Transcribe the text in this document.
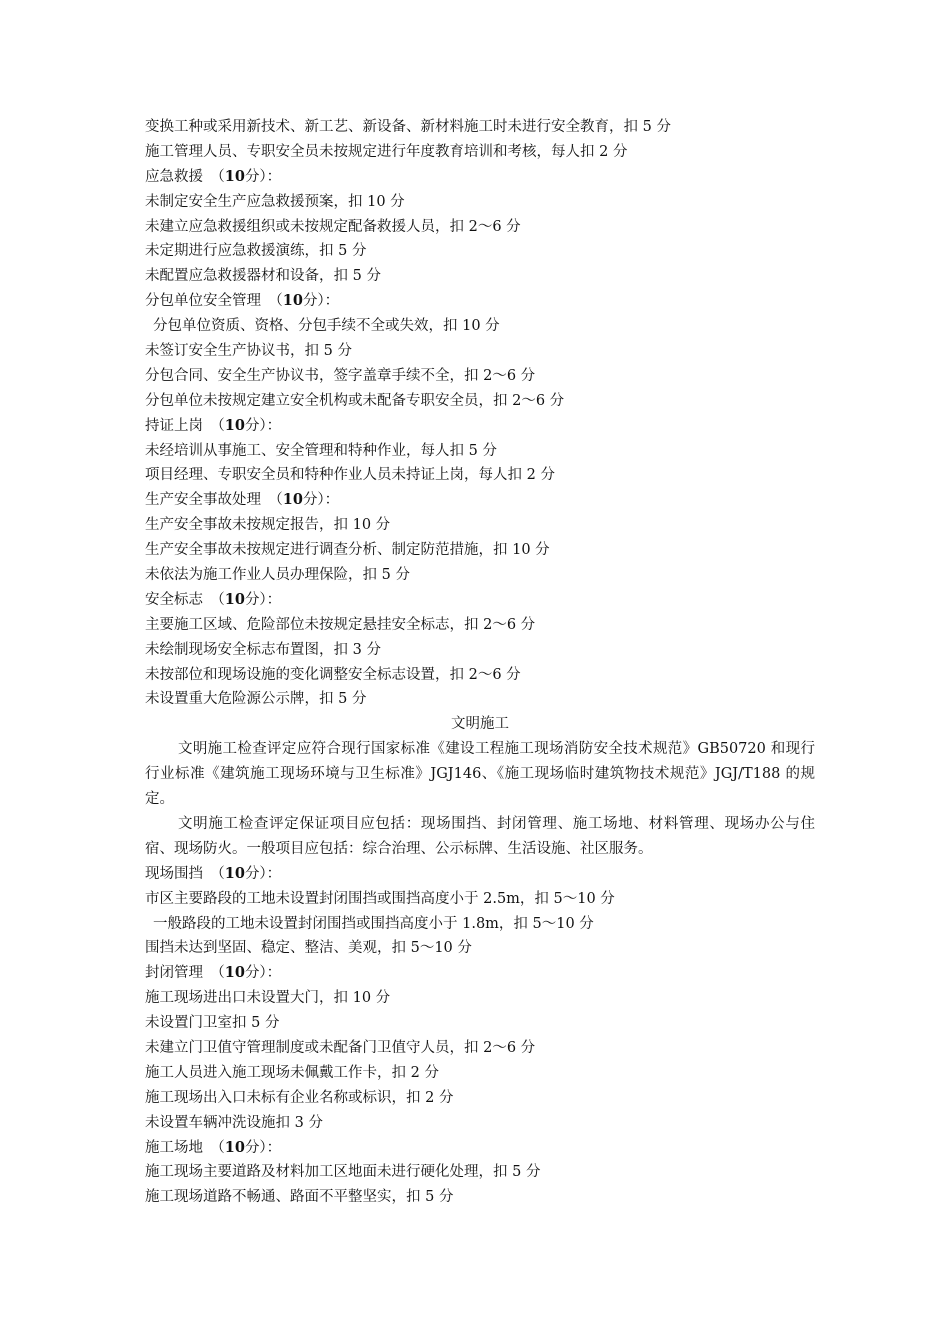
变换工种或采用新技术、新工艺、新设备、新材料施工时未进行安全教育，扣 5 分
施工管理人员、专职安全员未按规定进行年度教育培训和考核，每人扣 2 分
应急救援　（10分）：
未制定安全生产应急救援预案，扣 10 分
未建立应急救援组织或未按规定配备救援人员，扣 2～6 分
未定期进行应急救援演练，扣 5 分
未配置应急救援器材和设备，扣 5 分
分包单位安全管理　（10分）：
分包单位资质、资格、分包手续不全或失效，扣 10 分
未签订安全生产协议书，扣 5 分
分包合同、安全生产协议书，签字盖章手续不全，扣 2～6 分
分包单位未按规定建立安全机构或未配备专职安全员，扣 2～6 分
持证上岗　（10分）：
未经培训从事施工、安全管理和特种作业，每人扣 5 分
项目经理、专职安全员和特种作业人员未持证上岗，每人扣 2 分
生产安全事故处理　（10分）：
生产安全事故未按规定报告，扣 10 分
生产安全事故未按规定进行调查分析、制定防范措施，扣 10 分
未依法为施工作业人员办理保险，扣 5 分
安全标志　（10分）：
主要施工区域、危险部位未按规定悬挂安全标志，扣 2～6 分
未绘制现场安全标志布置图，扣 3 分
未按部位和现场设施的变化调整安全标志设置，扣 2～6 分
未设置重大危险源公示牌，扣 5 分
文明施工
文明施工检查评定应符合现行国家标准《建设工程施工现场消防安全技术规范》GB50720 和现行行业标准《建筑施工现场环境与卫生标准》JGJ146、《施工现场临时建筑物技术规范》JGJ/T188 的规定。
文明施工检查评定保证项目应包括：现场围挡、封闭管理、施工场地、材料管理、现场办公与住宿、现场防火。一般项目应包括：综合治理、公示标牌、生活设施、社区服务。
现场围挡　（10分）：
市区主要路段的工地未设置封闭围挡或围挡高度小于 2.5m，扣 5～10 分
一般路段的工地未设置封闭围挡或围挡高度小于 1.8m，扣 5～10 分
围挡未达到坚固、稳定、整洁、美观，扣 5～10 分
封闭管理　（10分）：
施工现场进出口未设置大门，扣 10 分
未设置门卫室扣 5 分
未建立门卫值守管理制度或未配备门卫值守人员，扣 2～6 分
施工人员进入施工现场未佩戴工作卡，扣 2 分
施工现场出入口未标有企业名称或标识，扣 2 分
未设置车辆冲洗设施扣 3 分
施工场地　（10分）：
施工现场主要道路及材料加工区地面未进行硬化处理，扣 5 分
施工现场道路不畅通、路面不平整坚实，扣 5 分
